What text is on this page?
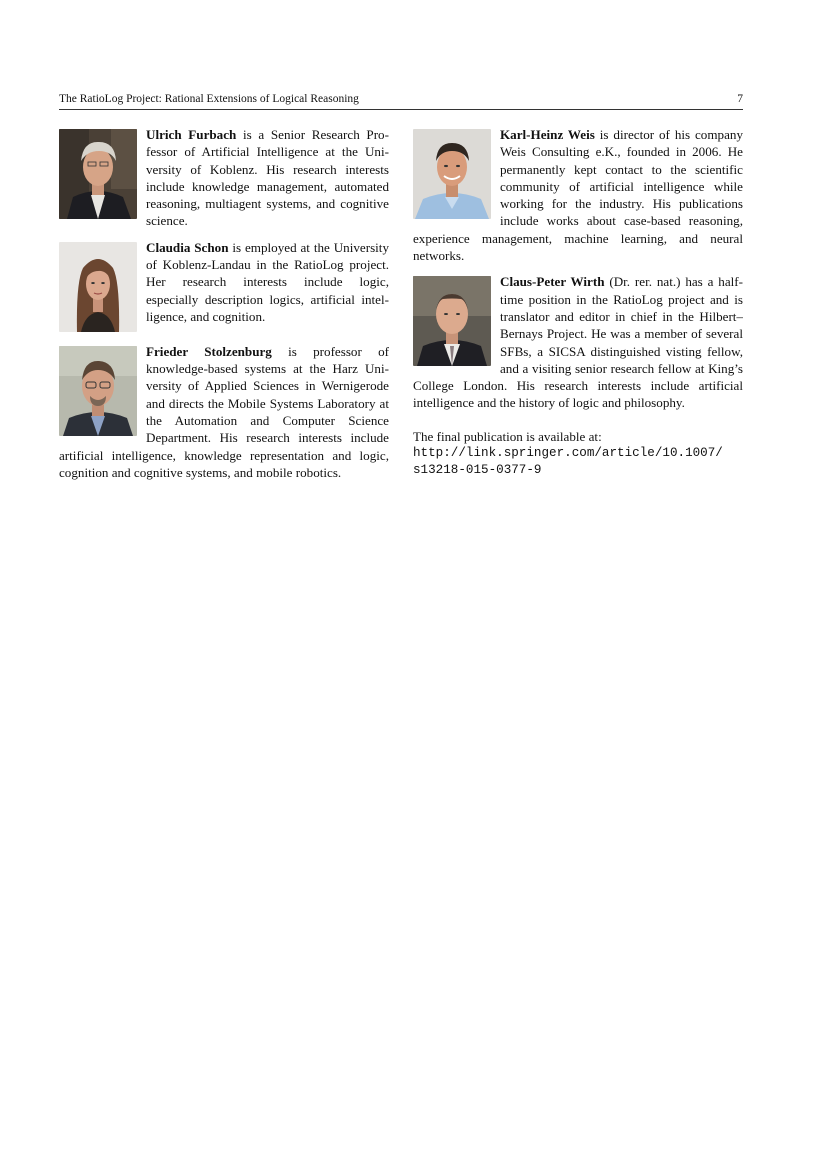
The RatioLog Project: Rational Extensions of Logical Reasoning	7

Ulrich Furbach is a Senior Research Professor of Artificial Intelligence at the University of Koblenz. His research interests include knowledge management, automated reasoning, multiagent systems, and cognitive science.

Claudia Schon is employed at the University of Koblenz-Landau in the RatioLog project. Her research interests include logic, especially description logics, artificial intelligence, and cognition.

Frieder Stolzenburg is professor of knowledge-based systems at the Harz University of Applied Sciences in Wernigerode and directs the Mobile Systems Laboratory at the Automation and Computer Science Department. His research interests include artificial intelligence, knowledge representation and logic, cognition and cognitive systems, and mobile robotics.

Karl-Heinz Weis is director of his company Weis Consulting e.K., founded in 2006. He permanently kept contact to the scientific community of artificial intelligence while working for the industry. His publications include works about case-based reasoning, experience management, machine learning, and neural networks.

Claus-Peter Wirth (Dr. rer. nat.) has a half-time position in the RatioLog project and is translator and editor in chief in the Hilbert–Bernays Project. He was a member of several SFBs, a SICSA distinguished visting fellow, and a visiting senior research fellow at King’s College London. His research interests include artificial intelligence and the history of logic and philosophy.

The final publication is available at:
http://link.springer.com/article/10.1007/
s13218-015-0377-9
